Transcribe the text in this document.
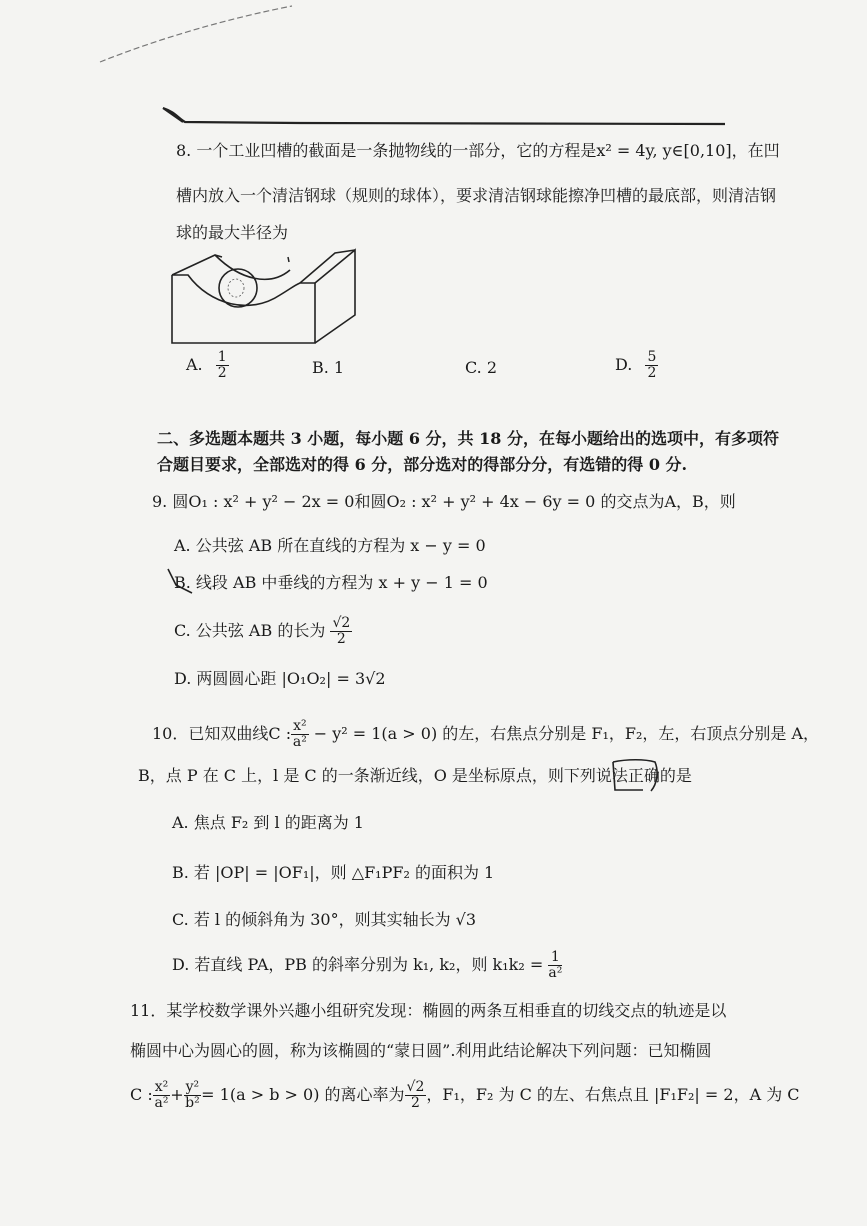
8. 一个工业凹槽的截面是一条抛物线的一部分，它的方程是x² = 4y, y∈[0,10]，在凹
槽内放入一个清洁钢球（规则的球体），要求清洁钢球能擦净凹槽的最底部，则清洁钢
球的最大半径为
A. $\frac{1}{2}$	B. 1	C. 2	D. $\frac{5}{2}$
二、多选题本题共 3 小题，每小题 6 分，共 18 分，在每小题给出的选项中，有多项符
合题目要求，全部选对的得 6 分，部分选对的得部分分，有选错的得 0 分.
9. 圆O₁ : x² + y² − 2x = 0和圆O₂ : x² + y² + 4x − 6y = 0 的交点为A，B，则
A. 公共弦 AB 所在直线的方程为 x − y = 0
B. 线段 AB 中垂线的方程为 x + y − 1 = 0
C. 公共弦 AB 的长为 $\frac{√2}{2}$
D. 两圆圆心距 |O₁O₂| = 3√2
10．已知双曲线C : $\frac{\text{x²}}{\text{a²}} - y^2 = 1(a > 0)$ 的左，右焦点分别是 F₁，F₂，左，右顶点分别是 A，
B，点 P 在 C 上，l 是 C 的一条渐近线，O 是坐标原点，则下列说法正确的是
A. 焦点 F₂ 到 l 的距离为 1
B. 若 |OP| = |OF₁|，则 △F₁PF₂ 的面积为 1
C. 若 l 的倾斜角为 30°，则其实轴长为 √3
D. 若直线 PA，PB 的斜率分别为 k₁, k₂，则 $k_1k_2 = \frac{1}{\text{a²}}$
11．某学校数学课外兴趣小组研究发现：椭圆的两条互相垂直的切线交点的轨迹是以
椭圆中心为圆心的圆，称为该椭圆的“蒙日圆”.利用此结论解决下列问题：已知椭圆
C : $\frac{\text{x²}}{\text{a²}} + \frac{\text{y²}}{\text{b²}} = 1(a > b > 0)$ 的离心率为 $\frac{√2}{2}$ ，F₁，F₂ 为 C 的左、右焦点且 |F₁F₂| = 2，A 为 C
